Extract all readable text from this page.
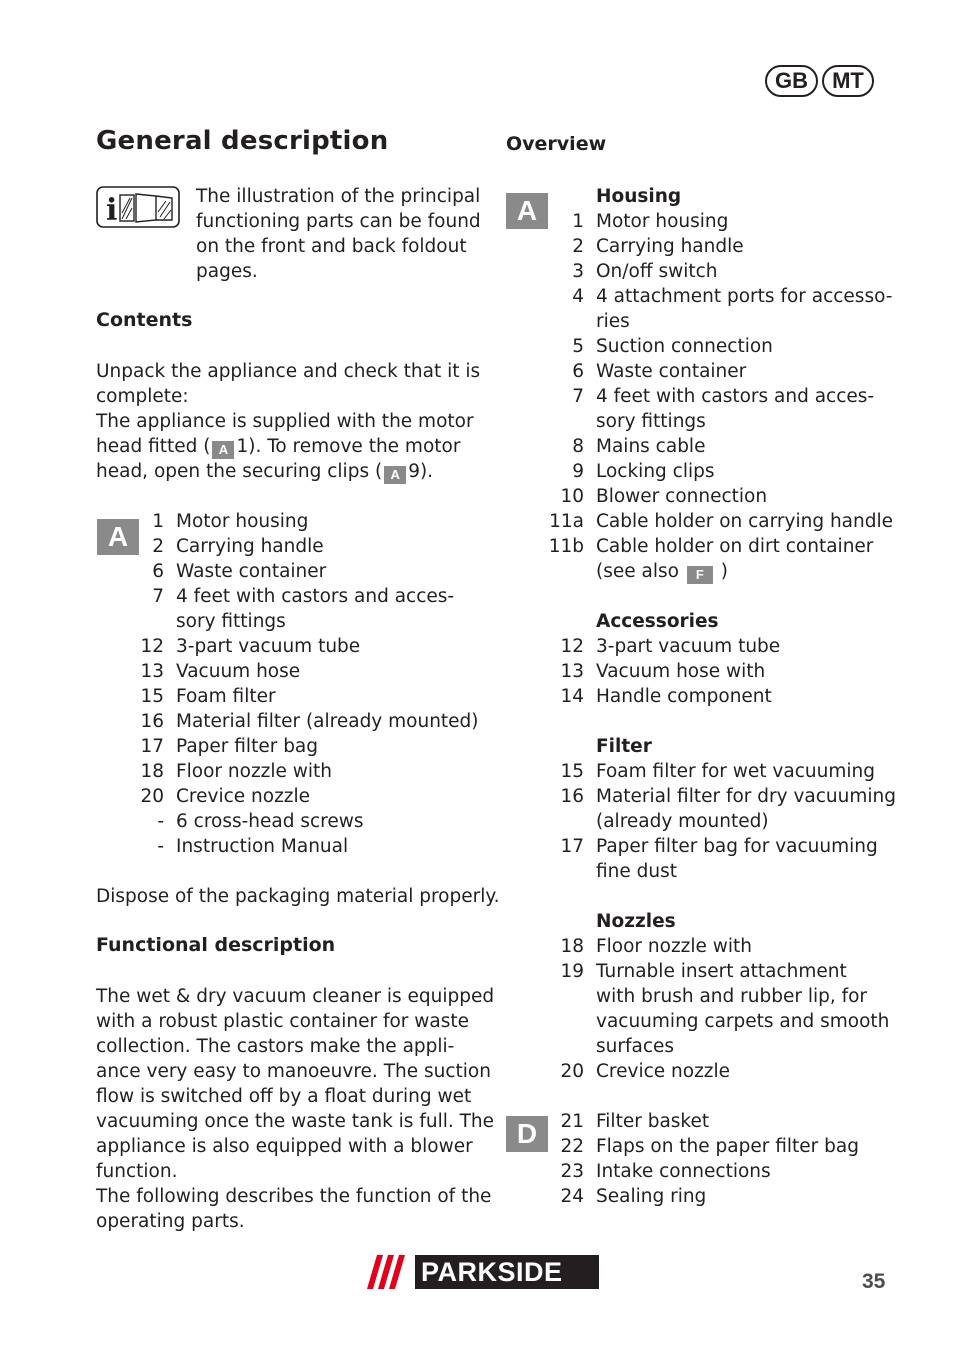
GB	MT
General description
i	The illustration of the principal

functioning parts can be found

on the front and back foldout

pages.

Contents

Unpack the appliance and check that it is

complete:

The appliance is supplied with the motor

head fitted ( A 1). To remove the motor

head, open the securing clips ( A 9).

A	1 Motor housing
2 Carrying handle
6 Waste container
7 4 feet with castors and acces-
sory fittings
12 3-part vacuum tube
13 Vacuum hose
15 Foam filter
16 Material filter (already mounted)
17 Paper filter bag
18 Floor nozzle with
20 Crevice nozzle
- 6 cross-head screws
- Instruction Manual

Dispose of the packaging material properly.

Functional description

The wet & dry vacuum cleaner is equipped

with a robust plastic container for waste

collection. The castors make the appli-

ance very easy to manoeuvre. The suction

flow is switched off by a float during wet

vacuuming once the waste tank is full. The

appliance is also equipped with a blower

function.

The following describes the function of the

operating parts.

Overview
A	Housing
1 Motor housing
2 Carrying handle
3 On/off switch
4 4 attachment ports for accesso-
ries
5 Suction connection
6 Waste container
7 4 feet with castors and acces-
sory fittings
8 Mains cable
9 Locking clips
10 Blower connection
11a Cable holder on carrying handle
11b Cable holder on dirt container
(see also F )
Accessories
12 3-part vacuum tube
13 Vacuum hose with
14 Handle component
Filter
15 Foam filter for wet vacuuming
16 Material filter for dry vacuuming
(already mounted)
17 Paper filter bag for vacuuming
fine dust
Nozzles
18 Floor nozzle with
19 Turnable insert attachment
with brush and rubber lip, for
vacuuming carpets and smooth
surfaces
20 Crevice nozzle
21 Filter basket
22 Flaps on the paper filter bag
23 Intake connections
24 Sealing ring
D
PARKSIDE	35
